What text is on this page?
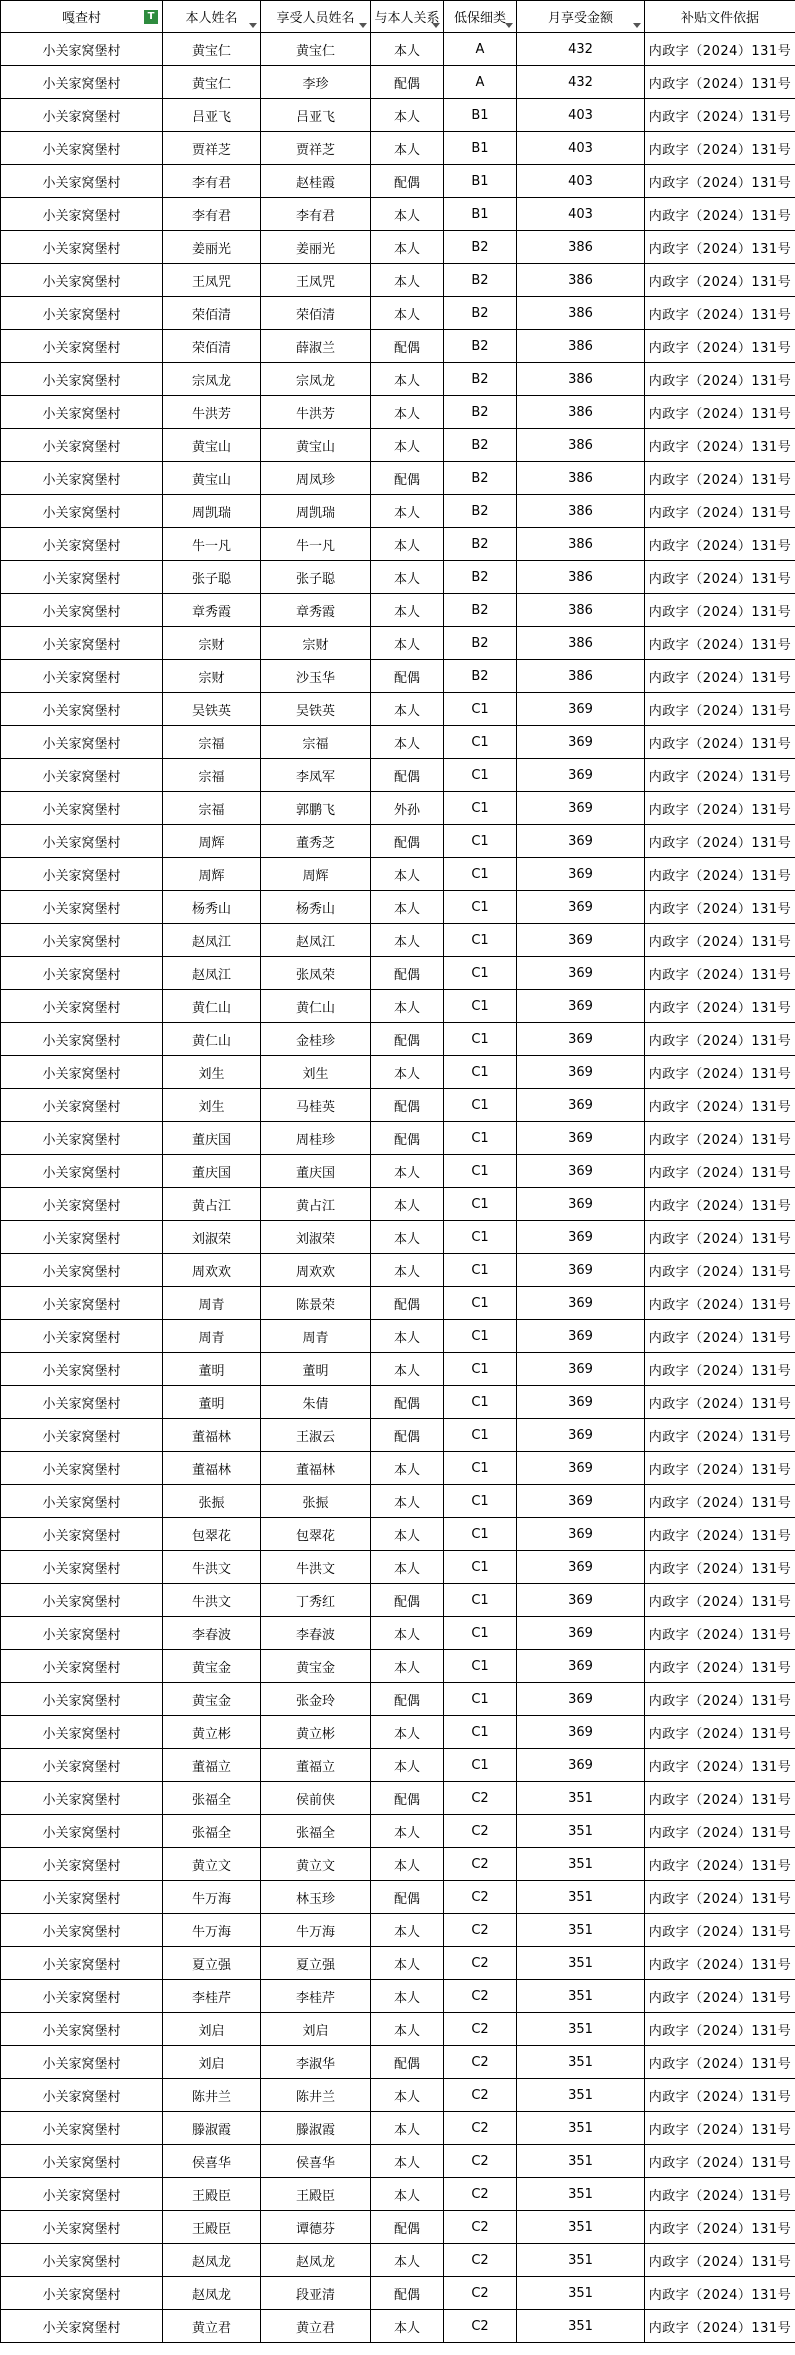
嘎查村 T	本人姓名	享受人员姓名	与本人关系	低保细类	月享受金额	补贴文件依据
小关家窝堡村	黄宝仁	黄宝仁	本人	A	432	内政字（2024）131号
小关家窝堡村	黄宝仁	李珍	配偶	A	432	内政字（2024）131号
小关家窝堡村	吕亚飞	吕亚飞	本人	B1	403	内政字（2024）131号
小关家窝堡村	贾祥芝	贾祥芝	本人	B1	403	内政字（2024）131号
小关家窝堡村	李有君	赵桂霞	配偶	B1	403	内政字（2024）131号
小关家窝堡村	李有君	李有君	本人	B1	403	内政字（2024）131号
小关家窝堡村	姜丽光	姜丽光	本人	B2	386	内政字（2024）131号
小关家窝堡村	王凤咒	王凤咒	本人	B2	386	内政字（2024）131号
小关家窝堡村	荣佰清	荣佰清	本人	B2	386	内政字（2024）131号
小关家窝堡村	荣佰清	薛淑兰	配偶	B2	386	内政字（2024）131号
小关家窝堡村	宗凤龙	宗凤龙	本人	B2	386	内政字（2024）131号
小关家窝堡村	牛洪芳	牛洪芳	本人	B2	386	内政字（2024）131号
小关家窝堡村	黄宝山	黄宝山	本人	B2	386	内政字（2024）131号
小关家窝堡村	黄宝山	周凤珍	配偶	B2	386	内政字（2024）131号
小关家窝堡村	周凯瑞	周凯瑞	本人	B2	386	内政字（2024）131号
小关家窝堡村	牛一凡	牛一凡	本人	B2	386	内政字（2024）131号
小关家窝堡村	张子聪	张子聪	本人	B2	386	内政字（2024）131号
小关家窝堡村	章秀霞	章秀霞	本人	B2	386	内政字（2024）131号
小关家窝堡村	宗财	宗财	本人	B2	386	内政字（2024）131号
小关家窝堡村	宗财	沙玉华	配偶	B2	386	内政字（2024）131号
小关家窝堡村	吴铁英	吴铁英	本人	C1	369	内政字（2024）131号
小关家窝堡村	宗福	宗福	本人	C1	369	内政字（2024）131号
小关家窝堡村	宗福	李凤军	配偶	C1	369	内政字（2024）131号
小关家窝堡村	宗福	郭鹏飞	外孙	C1	369	内政字（2024）131号
小关家窝堡村	周辉	董秀芝	配偶	C1	369	内政字（2024）131号
小关家窝堡村	周辉	周辉	本人	C1	369	内政字（2024）131号
小关家窝堡村	杨秀山	杨秀山	本人	C1	369	内政字（2024）131号
小关家窝堡村	赵凤江	赵凤江	本人	C1	369	内政字（2024）131号
小关家窝堡村	赵凤江	张凤荣	配偶	C1	369	内政字（2024）131号
小关家窝堡村	黄仁山	黄仁山	本人	C1	369	内政字（2024）131号
小关家窝堡村	黄仁山	金桂珍	配偶	C1	369	内政字（2024）131号
小关家窝堡村	刘生	刘生	本人	C1	369	内政字（2024）131号
小关家窝堡村	刘生	马桂英	配偶	C1	369	内政字（2024）131号
小关家窝堡村	董庆国	周桂珍	配偶	C1	369	内政字（2024）131号
小关家窝堡村	董庆国	董庆国	本人	C1	369	内政字（2024）131号
小关家窝堡村	黄占江	黄占江	本人	C1	369	内政字（2024）131号
小关家窝堡村	刘淑荣	刘淑荣	本人	C1	369	内政字（2024）131号
小关家窝堡村	周欢欢	周欢欢	本人	C1	369	内政字（2024）131号
小关家窝堡村	周青	陈景荣	配偶	C1	369	内政字（2024）131号
小关家窝堡村	周青	周青	本人	C1	369	内政字（2024）131号
小关家窝堡村	董明	董明	本人	C1	369	内政字（2024）131号
小关家窝堡村	董明	朱倩	配偶	C1	369	内政字（2024）131号
小关家窝堡村	董福林	王淑云	配偶	C1	369	内政字（2024）131号
小关家窝堡村	董福林	董福林	本人	C1	369	内政字（2024）131号
小关家窝堡村	张振	张振	本人	C1	369	内政字（2024）131号
小关家窝堡村	包翠花	包翠花	本人	C1	369	内政字（2024）131号
小关家窝堡村	牛洪文	牛洪文	本人	C1	369	内政字（2024）131号
小关家窝堡村	牛洪文	丁秀红	配偶	C1	369	内政字（2024）131号
小关家窝堡村	李春波	李春波	本人	C1	369	内政字（2024）131号
小关家窝堡村	黄宝金	黄宝金	本人	C1	369	内政字（2024）131号
小关家窝堡村	黄宝金	张金玲	配偶	C1	369	内政字（2024）131号
小关家窝堡村	黄立彬	黄立彬	本人	C1	369	内政字（2024）131号
小关家窝堡村	董福立	董福立	本人	C1	369	内政字（2024）131号
小关家窝堡村	张福全	侯前侠	配偶	C2	351	内政字（2024）131号
小关家窝堡村	张福全	张福全	本人	C2	351	内政字（2024）131号
小关家窝堡村	黄立文	黄立文	本人	C2	351	内政字（2024）131号
小关家窝堡村	牛万海	林玉珍	配偶	C2	351	内政字（2024）131号
小关家窝堡村	牛万海	牛万海	本人	C2	351	内政字（2024）131号
小关家窝堡村	夏立强	夏立强	本人	C2	351	内政字（2024）131号
小关家窝堡村	李桂芹	李桂芹	本人	C2	351	内政字（2024）131号
小关家窝堡村	刘启	刘启	本人	C2	351	内政字（2024）131号
小关家窝堡村	刘启	李淑华	配偶	C2	351	内政字（2024）131号
小关家窝堡村	陈井兰	陈井兰	本人	C2	351	内政字（2024）131号
小关家窝堡村	滕淑霞	滕淑霞	本人	C2	351	内政字（2024）131号
小关家窝堡村	侯喜华	侯喜华	本人	C2	351	内政字（2024）131号
小关家窝堡村	王殿臣	王殿臣	本人	C2	351	内政字（2024）131号
小关家窝堡村	王殿臣	谭德芬	配偶	C2	351	内政字（2024）131号
小关家窝堡村	赵凤龙	赵凤龙	本人	C2	351	内政字（2024）131号
小关家窝堡村	赵凤龙	段亚清	配偶	C2	351	内政字（2024）131号
小关家窝堡村	黄立君	黄立君	本人	C2	351	内政字（2024）131号
